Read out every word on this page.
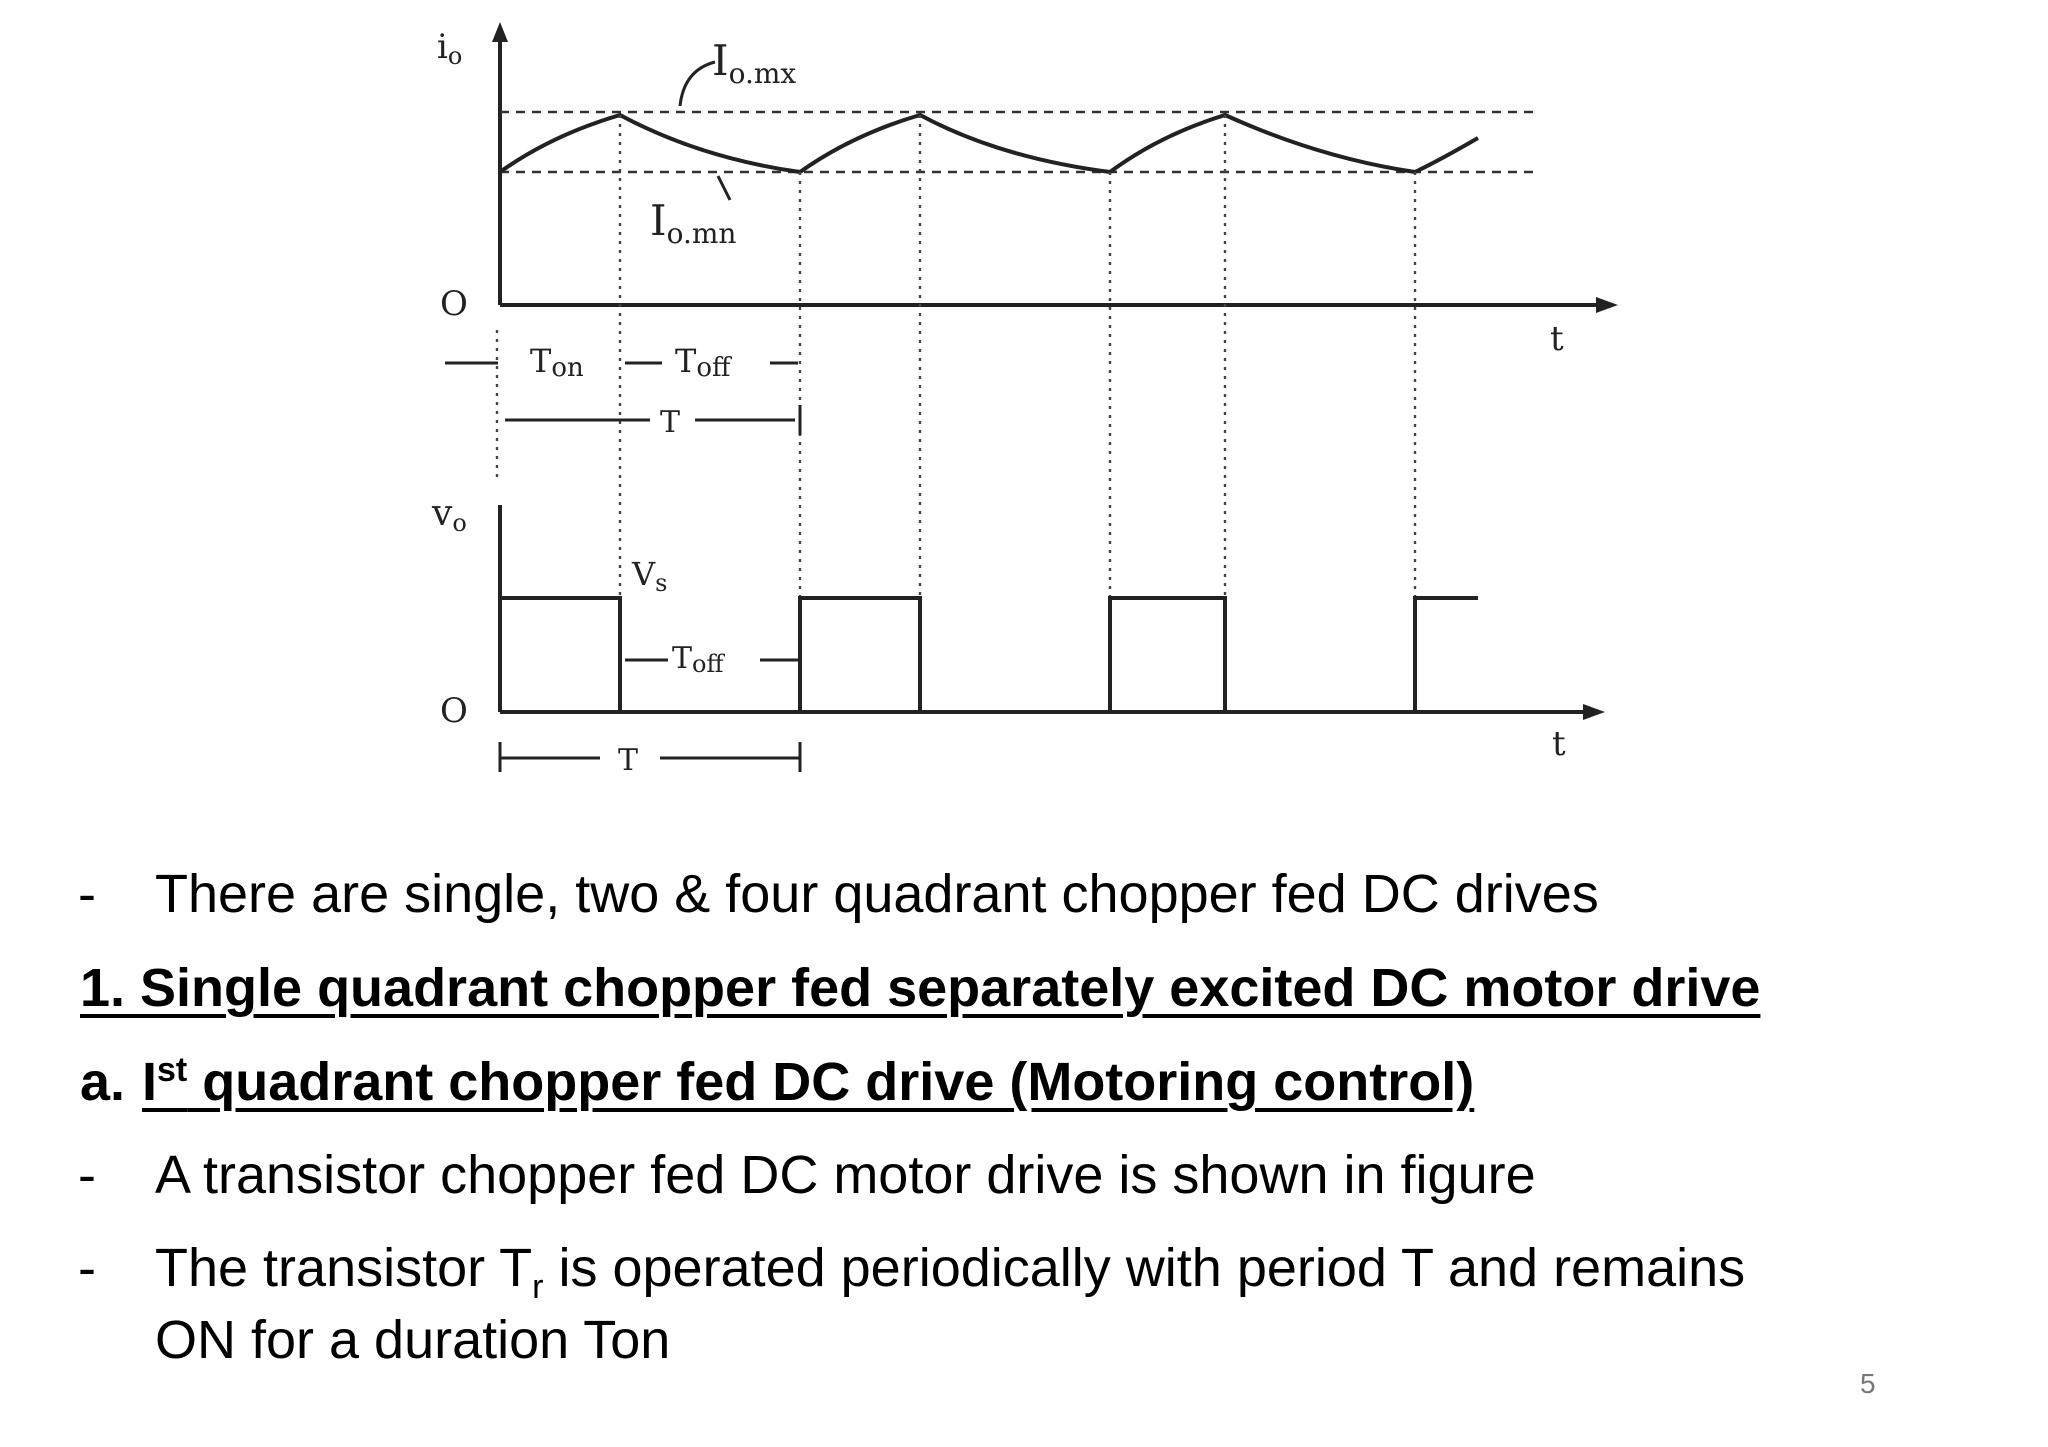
io	Io.mx
Io.mn
O
t
Ton	Toff
T
vo
Vs
Toff
O
T	t
- There are single, two & four quadrant chopper fed DC drives
1. Single quadrant chopper fed separately excited DC motor drive
a. Ist quadrant chopper fed DC drive (Motoring control)
- A transistor chopper fed DC motor drive is shown in figure
- The transistor $T_r$ is operated periodically with period T and remains
ON for a duration Ton
5
